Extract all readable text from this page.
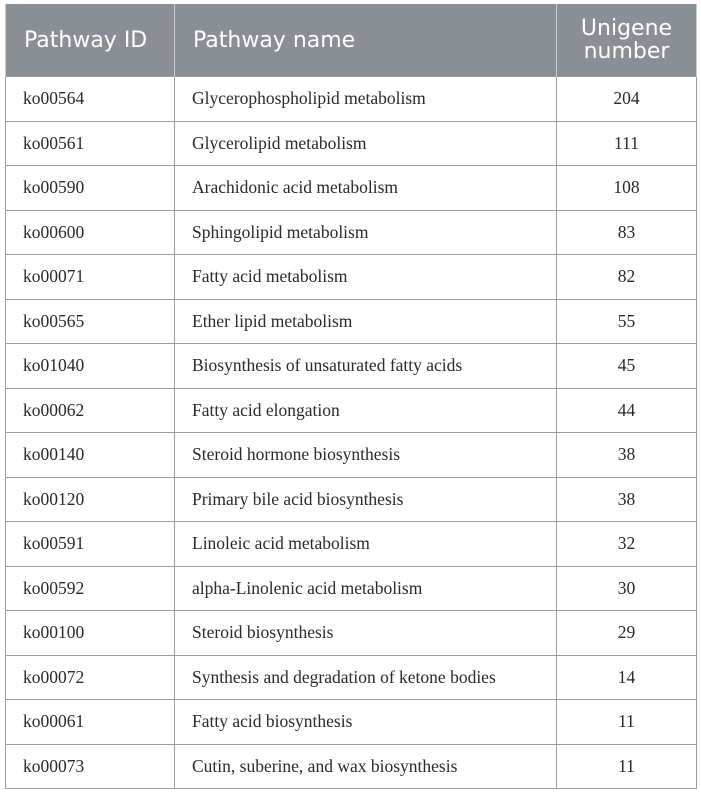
Pathway ID	Pathway name	Unigene
number

ko00564	Glycerophospholipid metabolism	204
ko00561	Glycerolipid metabolism	111
ko00590	Arachidonic acid metabolism	108
ko00600	Sphingolipid metabolism	83
ko00071	Fatty acid metabolism	82
ko00565	Ether lipid metabolism	55
ko01040	Biosynthesis of unsaturated fatty acids	45
ko00062	Fatty acid elongation	44
ko00140	Steroid hormone biosynthesis	38
ko00120	Primary bile acid biosynthesis	38
ko00591	Linoleic acid metabolism	32
ko00592	alpha-Linolenic acid metabolism	30
ko00100	Steroid biosynthesis	29
ko00072	Synthesis and degradation of ketone bodies	14
ko00061	Fatty acid biosynthesis	11
ko00073	Cutin, suberine, and wax biosynthesis	11
